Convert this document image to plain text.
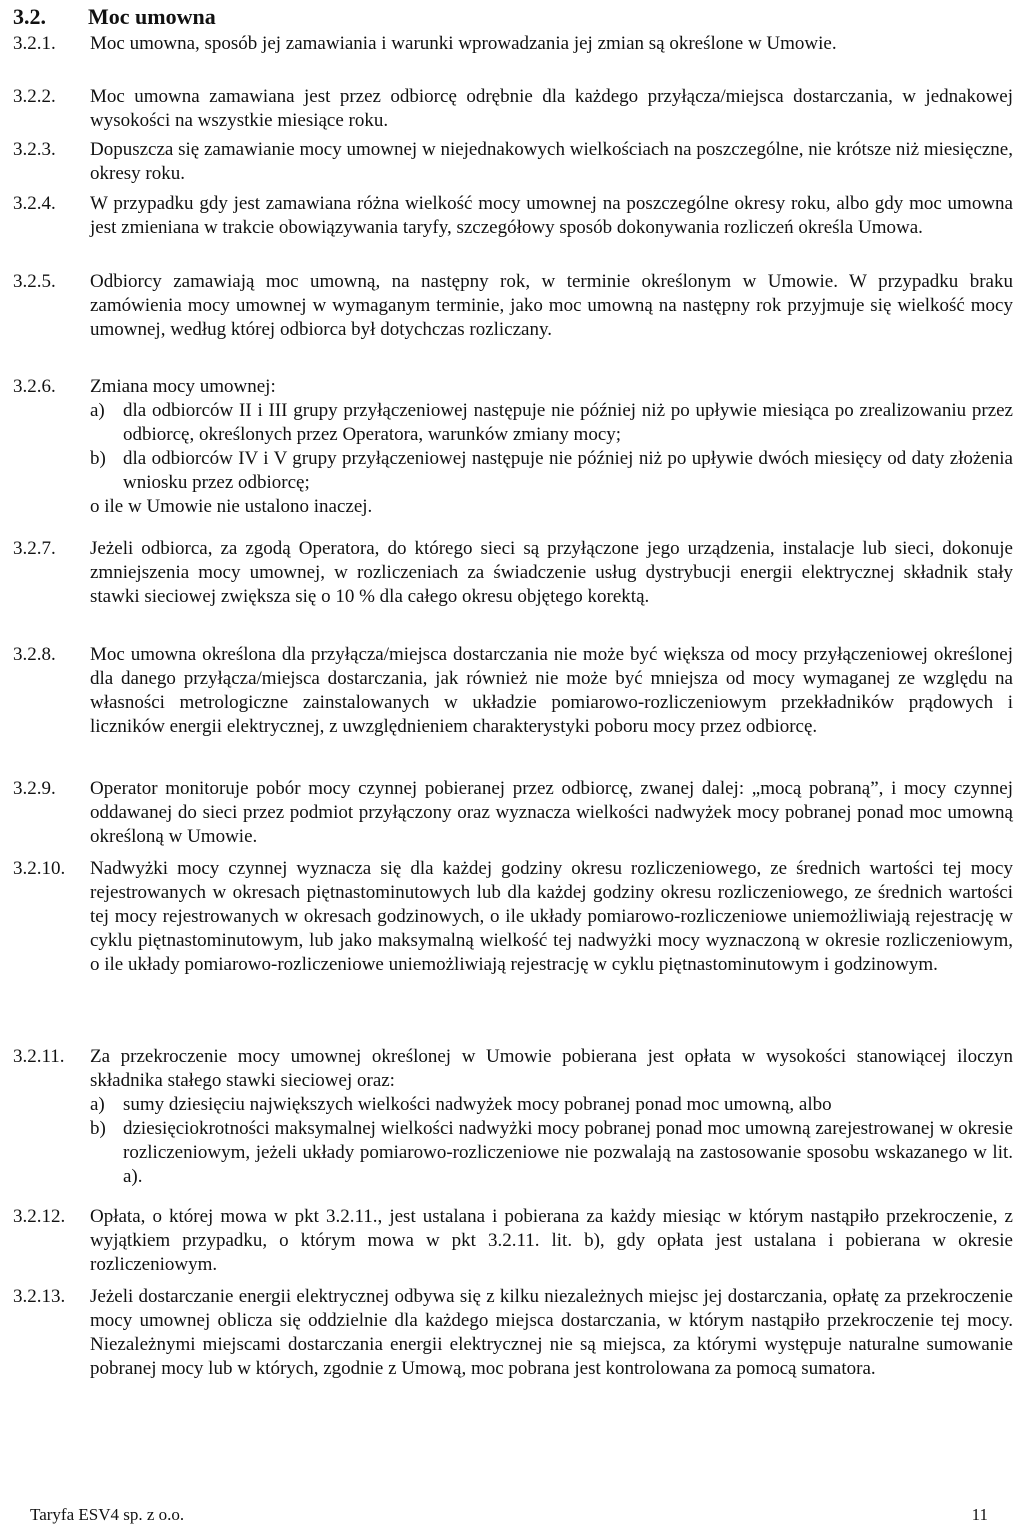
3.2. Moc umowna
3.2.1. Moc umowna, sposób jej zamawiania i warunki wprowadzania jej zmian są określone w Umowie.
3.2.2. Moc umowna zamawiana jest przez odbiorcę odrębnie dla każdego przyłącza/miejsca dostarczania, w jednakowej wysokości na wszystkie miesiące roku.
3.2.3. Dopuszcza się zamawianie mocy umownej w niejednakowych wielkościach na poszczególne, nie krótsze niż miesięczne, okresy roku.
3.2.4. W przypadku gdy jest zamawiana różna wielkość mocy umownej na poszczególne okresy roku, albo gdy moc umowna jest zmieniana w trakcie obowiązywania taryfy, szczegółowy sposób dokonywania rozliczeń określa Umowa.
3.2.5. Odbiorcy zamawiają moc umowną, na następny rok, w terminie określonym w Umowie. W przypadku braku zamówienia mocy umownej w wymaganym terminie, jako moc umowną na następny rok przyjmuje się wielkość mocy umownej, według której odbiorca był dotychczas rozliczany.
3.2.6. Zmiana mocy umownej:
a) dla odbiorców II i III grupy przyłączeniowej następuje nie później niż po upływie miesiąca po zrealizowaniu przez odbiorcę, określonych przez Operatora, warunków zmiany mocy;
b) dla odbiorców IV i V grupy przyłączeniowej następuje nie później niż po upływie dwóch miesięcy od daty złożenia wniosku przez odbiorcę;
o ile w Umowie nie ustalono inaczej.
3.2.7. Jeżeli odbiorca, za zgodą Operatora, do którego sieci są przyłączone jego urządzenia, instalacje lub sieci, dokonuje zmniejszenia mocy umownej, w rozliczeniach za świadczenie usług dystrybucji energii elektrycznej składnik stały stawki sieciowej zwiększa się o 10 % dla całego okresu objętego korektą.
3.2.8. Moc umowna określona dla przyłącza/miejsca dostarczania nie może być większa od mocy przyłączeniowej określonej dla danego przyłącza/miejsca dostarczania, jak również nie może być mniejsza od mocy wymaganej ze względu na własności metrologiczne zainstalowanych w układzie pomiarowo-rozliczeniowym przekładników prądowych i liczników energii elektrycznej, z uwzględnieniem charakterystyki poboru mocy przez odbiorcę.
3.2.9. Operator monitoruje pobór mocy czynnej pobieranej przez odbiorcę, zwanej dalej: „mocą pobraną”, i mocy czynnej oddawanej do sieci przez podmiot przyłączony oraz wyznacza wielkości nadwyżek mocy pobranej ponad moc umowną określoną w Umowie.
3.2.10. Nadwyżki mocy czynnej wyznacza się dla każdej godziny okresu rozliczeniowego, ze średnich wartości tej mocy rejestrowanych w okresach piętnastominutowych lub dla każdej godziny okresu rozliczeniowego, ze średnich wartości tej mocy rejestrowanych w okresach godzinowych, o ile układy pomiarowo-rozliczeniowe uniemożliwiają rejestrację w cyklu piętnastominutowym, lub jako maksymalną wielkość tej nadwyżki mocy wyznaczoną w okresie rozliczeniowym, o ile układy pomiarowo-rozliczeniowe uniemożliwiają rejestrację w cyklu piętnastominutowym i godzinowym.
3.2.11. Za przekroczenie mocy umownej określonej w Umowie pobierana jest opłata w wysokości stanowiącej iloczyn składnika stałego stawki sieciowej oraz:
a) sumy dziesięciu największych wielkości nadwyżek mocy pobranej ponad moc umowną, albo
b) dziesięciokrotności maksymalnej wielkości nadwyżki mocy pobranej ponad moc umowną zarejestrowanej w okresie rozliczeniowym, jeżeli układy pomiarowo-rozliczeniowe nie pozwalają na zastosowanie sposobu wskazanego w lit. a).
3.2.12. Opłata, o której mowa w pkt 3.2.11., jest ustalana i pobierana za każdy miesiąc w którym nastąpiło przekroczenie, z wyjątkiem przypadku, o którym mowa w pkt 3.2.11. lit. b), gdy opłata jest ustalana i pobierana w okresie rozliczeniowym.
3.2.13. Jeżeli dostarczanie energii elektrycznej odbywa się z kilku niezależnych miejsc jej dostarczania, opłatę za przekroczenie mocy umownej oblicza się oddzielnie dla każdego miejsca dostarczania, w którym nastąpiło przekroczenie tej mocy. Niezależnymi miejscami dostarczania energii elektrycznej nie są miejsca, za którymi występuje naturalne sumowanie pobranej mocy lub w których, zgodnie z Umową, moc pobrana jest kontrolowana za pomocą sumatora.
Taryfa ESV4 sp. z o.o.	11
